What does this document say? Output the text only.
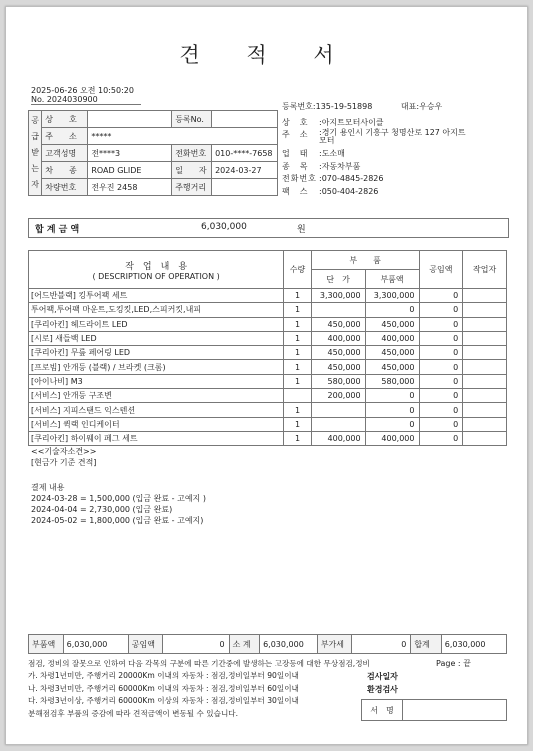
견 적 서
2025-06-26 오전 10:50:20
No. 2024030900
공
급
받
는
자	상　　호		등록No.	
	주　　소	*****		
	고객성명	전****3	전화번호	010-****-7658
	차　　종	ROAD GLIDE	일　　자	2024-03-27
	차량번호	전우진 2458	주행거리	
등록번호 :135-19-51898	대표 :우승우
상　호	:아지트모터사이클
주　소	:경기 용인시 기흥구 청명산로 127 아지트모터
업　태	:도소매
종　목	:자동차부품
전화번호 :070-4845-2826
팩　스	:050-404-2826
합 계 금 액	6,030,000	원
작　업　내　용
( DESCRIPTION OF OPERATION )	수량	부　　품		공임액	작업자
		단　가	부품액		
[어드반블랙] 킹투어팩 세트	1	3,300,000	3,300,000	0	
투어팩,투어팩 마운트,도킹킷,LED,스피커킷,내피	1		0	0	
[쿠리아킨] 헤드라이트 LED	1	450,000	450,000	0	
[시로] 새들백 LED	1	400,000	400,000	0	
[쿠리아킨] 무릎 페어링 LED	1	450,000	450,000	0	
[프로빔] 안개등 (블랙) / 브라켓 (크롬)	1	450,000	450,000	0	
[아이나비] M3	1	580,000	580,000	0	
[서비스] 안개등 구조변		200,000	0	0	
[서비스] 지피스탠드 익스텐션	1		0	0	
[서비스] 퀵랙 인디케이터	1		0	0	
[쿠리아킨] 하이웨이 페그 세트	1	400,000	400,000	0	

<<기술자소견>>
[현금가 기준 견적]
결제 내용
2024-03-28 = 1,500,000 (입금 완료 - 고예지 )
2024-04-04 = 2,730,000 (입금 완료)
2024-05-02 = 1,800,000 (입금 완료 - 고예지)
부품액	6,030,000	공임액	0	소 계	6,030,000	부가세	0	합계	6,030,000
점검, 정비의 잘못으로 인하여 다음 각목의 구분에 따른 기간중에 발생하는 고장등에 대한 무상점검,정비
가. 차령1년미만, 주행거리 20000Km 이내의 자동차 : 점검,정비일부터 90일이내
나. 차령3년미만, 주행거리 60000Km 이내의 자동차 : 점검,정비일부터 60일이내
다. 차령3년이상, 주행거리 60000Km 이상의 자동차 : 점검,정비일부터 30일이내
분해점검후 부품의 증감에 따라 견적금액이 변동될 수 있습니다.
Page : 끝
검사일자
환경검사
서　명	
